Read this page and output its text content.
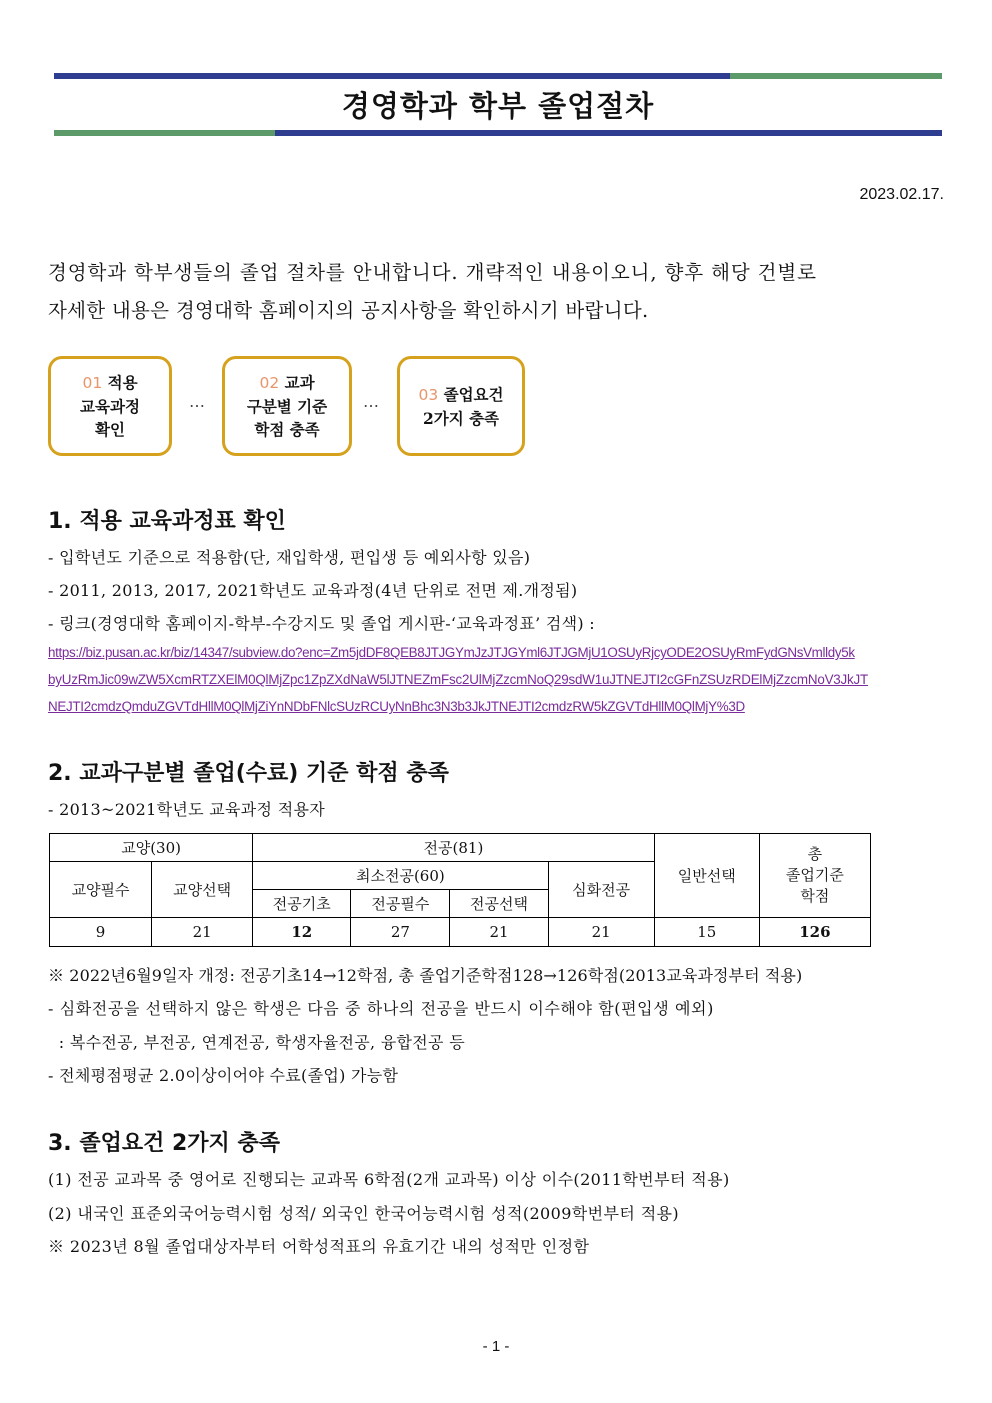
경영학과 학부 졸업절차
2023.02.17.
경영학과 학부생들의 졸업 절차를 안내합니다. 개략적인 내용이오니, 향후 해당 건별로
자세한 내용은 경영대학 홈페이지의 공지사항을 확인하시기 바랍니다.
01 적용
교육과정
확인
…
02 교과
구분별 기준
학점 충족
…	03 졸업요건
2가지 충족
1. 적용 교육과정표 확인
- 입학년도 기준으로 적용함(단, 재입학생, 편입생 등 예외사항 있음)
- 2011, 2013, 2017, 2021학년도 교육과정(4년 단위로 전면 제.개정됨)
- 링크(경영대학 홈페이지-학부-수강지도 및 졸업 게시판-‘교육과정표’ 검색) :
https://biz.pusan.ac.kr/biz/14347/subview.do?enc=Zm5jdDF8QEB8JTJGYmJzJTJGYml6JTJGMjU1OSUyRjcyODE2OSUyRmFydGNsVmlldy5k
byUzRmJic09wZW5XcmRTZXElM0QlMjZpc1ZpZXdNaW5lJTNEZmFsc2UlMjZzcmNoQ29sdW1uJTNEJTI2cGFnZSUzRDElMjZzcmNoV3JkJT
NEJTI2cmdzQmduZGVTdHllM0QlMjZiYnNDbFNlcSUzRCUyNnBhc3N3b3JkJTNEJTI2cmdzRW5kZGVTdHllM0QlMjY%3D
2. 교과구분별 졸업(수료) 기준 학점 충족
- 2013~2021학년도 교육과정 적용자
교양(30)		전공(81)				일반선택	총
졸업기준
학점

교양필수	교양선택	최소전공(60)			심화전공		
		전공기초	전공필수	전공선택			
9	21	12	27	21	21	15	126
※ 2022년6월9일자 개정: 전공기초14→12학점, 총 졸업기준학점128→126학점(2013교육과정부터 적용)
- 심화전공을 선택하지 않은 학생은 다음 중 하나의 전공을 반드시 이수해야 함(편입생 예외)
: 복수전공, 부전공, 연계전공, 학생자율전공, 융합전공 등
- 전체평점평균 2.0이상이어야 수료(졸업) 가능함
3. 졸업요건 2가지 충족
(1) 전공 교과목 중 영어로 진행되는 교과목 6학점(2개 교과목) 이상 이수(2011학번부터 적용)
(2) 내국인 표준외국어능력시험 성적/ 외국인 한국어능력시험 성적(2009학번부터 적용)
※ 2023년 8월 졸업대상자부터 어학성적표의 유효기간 내의 성적만 인정함
- 1 -
